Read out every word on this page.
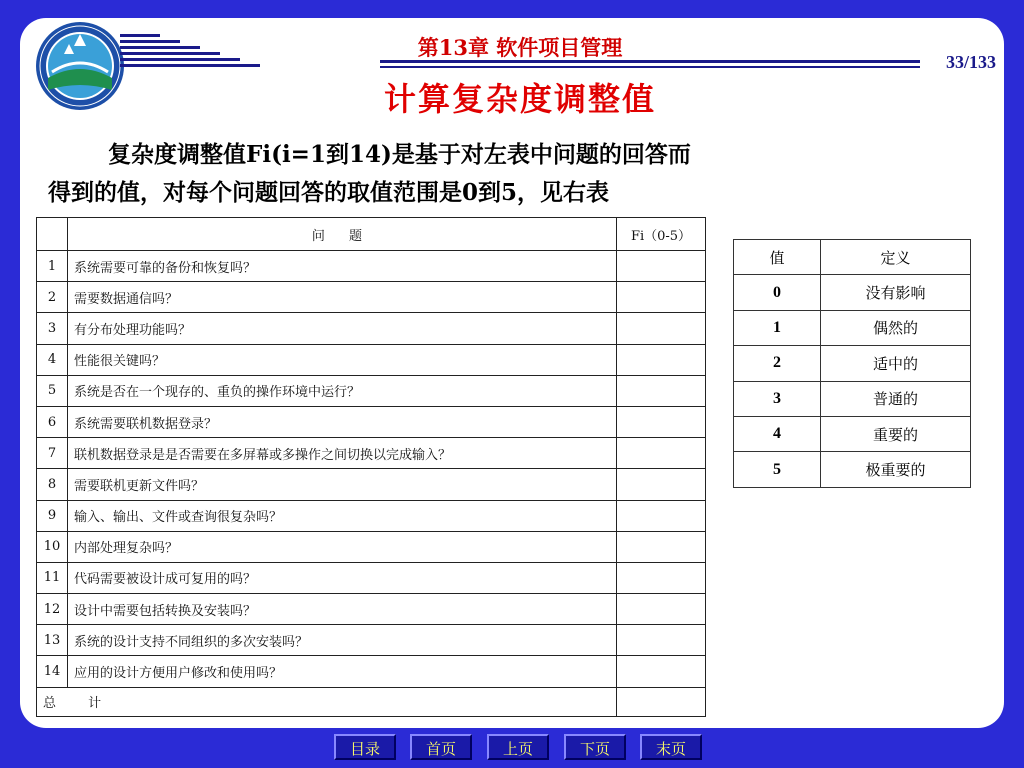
第13章 软件项目管理
33/133
计算复杂度调整值
复杂度调整值Fi(i=1到14)是基于对左表中问题的回答而
得到的值，对每个问题回答的取值范围是0到5，见右表
	问 题	Fi（0-5）
1	系统需要可靠的备份和恢复吗？	
2	需要数据通信吗？	
3	有分布处理功能吗？	
4	性能很关键吗？	
5	系统是否在一个现存的、重负的操作环境中运行？	
6	系统需要联机数据登录？	
7	联机数据登录是是否需要在多屏幕或多操作之间切换以完成输入？	
8	需要联机更新文件吗？	
9	输入、输出、文件或查询很复杂吗？	
10	内部处理复杂吗？	
11	代码需要被设计成可复用的吗？	
12	设计中需要包括转换及安装吗？	
13	系统的设计支持不同组织的多次安装吗？	
14	应用的设计方便用户修改和使用吗？	
总 计		
值	定义
0	没有影响
1	偶然的
2	适中的
3	普通的
4	重要的
5	极重要的
目录	首页	上页	下页	末页
